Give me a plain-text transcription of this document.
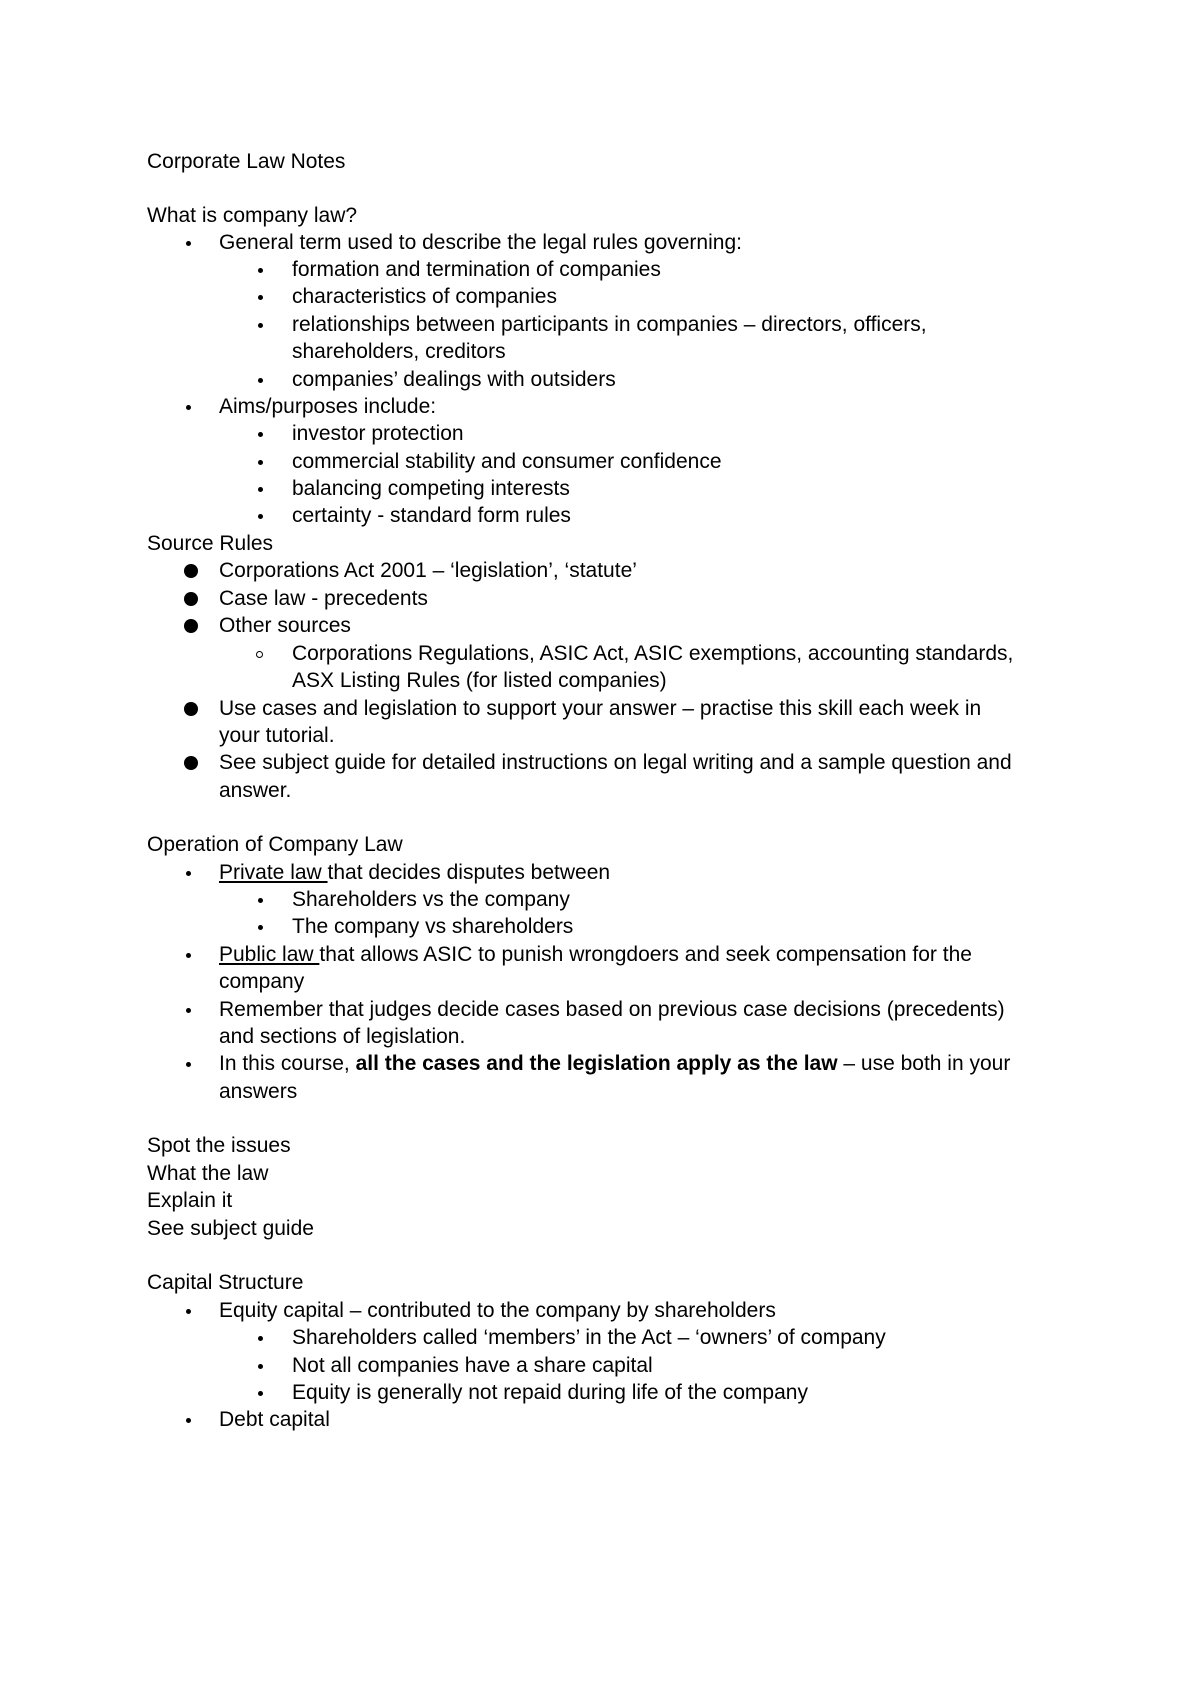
Corporate Law Notes
What is company law?
General term used to describe the legal rules governing:
formation and termination of companies
characteristics of companies
relationships between participants in companies – directors, officers,
shareholders, creditors
companies’ dealings with outsiders
Aims/purposes include:
investor protection
commercial stability and consumer confidence
balancing competing interests
certainty - standard form rules
Source Rules
Corporations Act 2001 – ‘legislation’, ‘statute’
Case law - precedents
Other sources
Corporations Regulations, ASIC Act, ASIC exemptions, accounting standards,
ASX Listing Rules (for listed companies)
Use cases and legislation to support your answer – practise this skill each week in
your tutorial.
See subject guide for detailed instructions on legal writing and a sample question and
answer.
Operation of Company Law
Private law that decides disputes between
Shareholders vs the company
The company vs shareholders
Public law that allows ASIC to punish wrongdoers and seek compensation for the
company
Remember that judges decide cases based on previous case decisions (precedents)
and sections of legislation.
In this course, all the cases and the legislation apply as the law – use both in your
answers
Spot the issues
What the law
Explain it
See subject guide
Capital Structure
Equity capital – contributed to the company by shareholders
Shareholders called ‘members’ in the Act – ‘owners’ of company
Not all companies have a share capital
Equity is generally not repaid during life of the company
Debt capital
